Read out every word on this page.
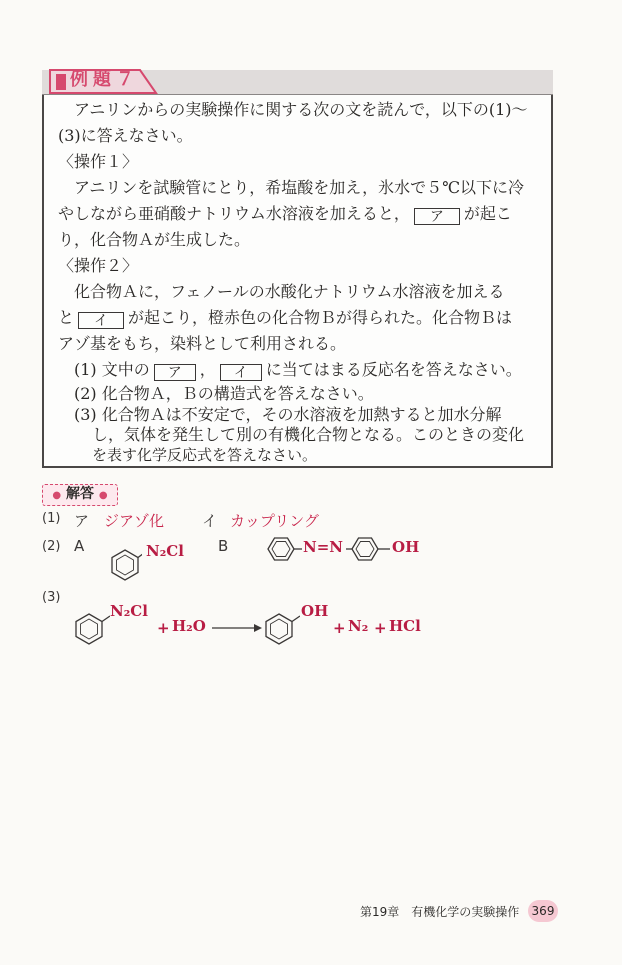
例題７
アニリンからの実験操作に関する次の文を読んで，以下の(1)～
(3)に答えなさい。
〈操作１〉
アニリンを試験管にとり，希塩酸を加え，氷水で５℃以下に冷
やしながら亜硝酸ナトリウム水溶液を加えると， ア が起こ
り，化合物Ａが生成した。
〈操作２〉
化合物Ａに，フェノールの水酸化ナトリウム水溶液を加える
と イ が起こり，橙赤色の化合物Ｂが得られた。化合物Ｂは
アゾ基をもち，染料として利用される。
(1) 文中の ア ， イ に当てはまる反応名を答えなさい。
(2) 化合物Ａ，Ｂの構造式を答えなさい。
(3) 化合物Ａは不安定で，その水溶液を加熱すると加水分解
し，気体を発生して別の有機化合物となる。このときの変化
● 解答 ●
(1) ア ジアゾ化	イ カップリング
(2) A	N₂Cl B	N=N	OH
(3)
N₂Cl
+ H₂O →
OH
+ N₂ + HCl
第19章　有機化学の実験操作	369
を表す化学反応式を答えなさい。
